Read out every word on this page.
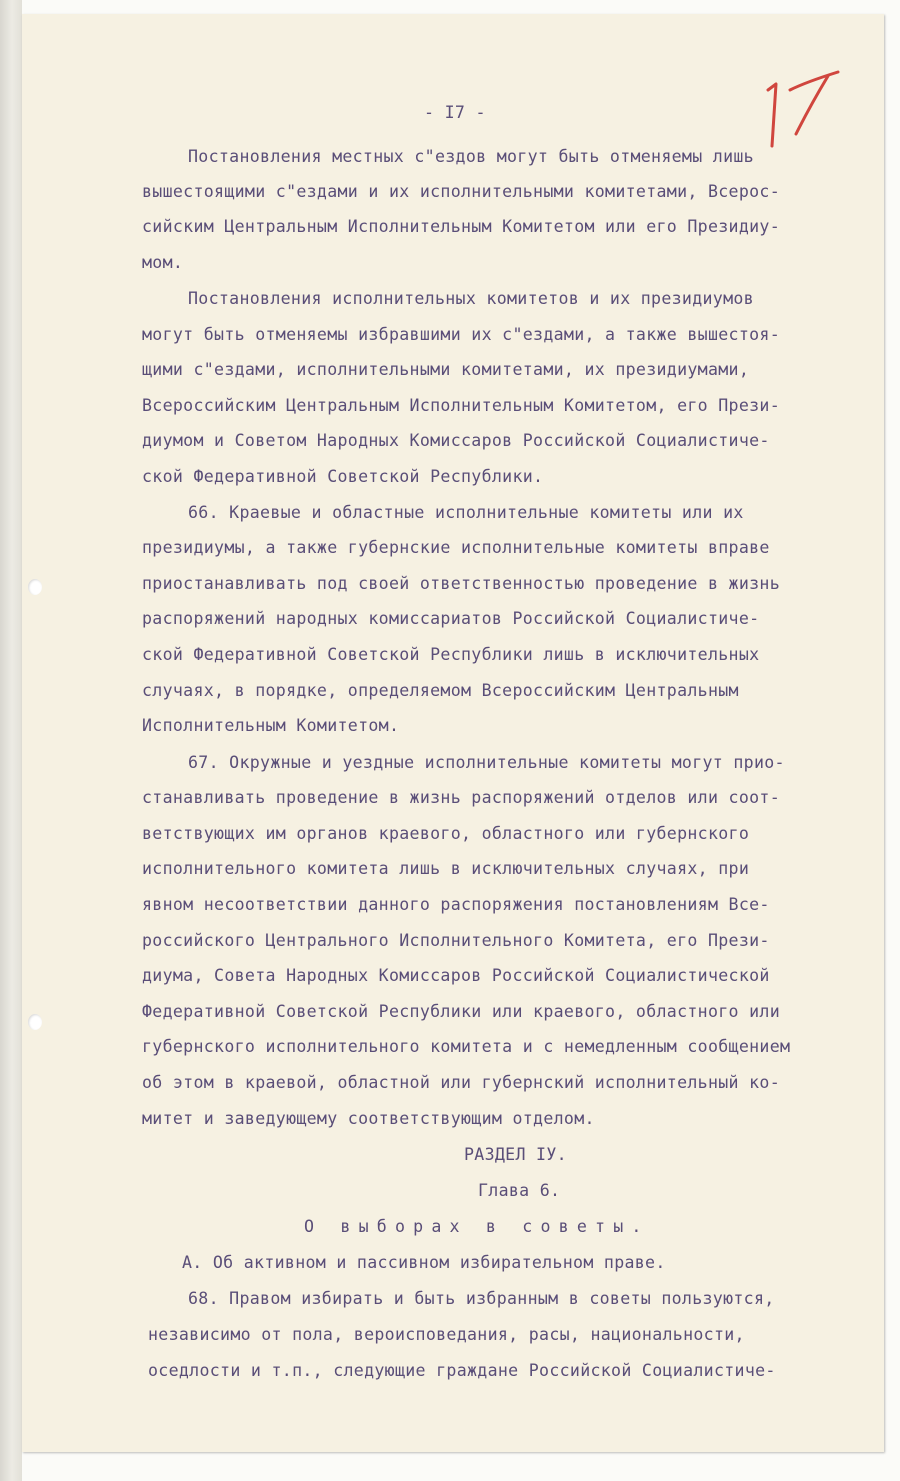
- I7 -
Постановления местных с"ездов могут быть отменяемы лишь
вышестоящими с"ездами и их исполнительными комитетами, Всерос-
сийским Центральным Исполнительным Комитетом или его Президиу-
мом.
Постановления исполнительных комитетов и их президиумов
могут быть отменяемы избравшими их с"ездами, а также вышестоя-
щими с"ездами, исполнительными комитетами, их президиумами,
Всероссийским Центральным Исполнительным Комитетом, его Прези-
диумом и Советом Народных Комиссаров Российской Социалистиче-
ской Федеративной Советской Республики.
66. Краевые и областные исполнительные комитеты или их
президиумы, а также губернские исполнительные комитеты вправе
приостанавливать под своей ответственностью проведение в жизнь
распоряжений народных комиссариатов Российской Социалистиче-
ской Федеративной Советской Республики лишь в исключительных
случаях, в порядке, определяемом Всероссийским Центральным
Исполнительным Комитетом.
67. Окружные и уездные исполнительные комитеты могут прио-
станавливать проведение в жизнь распоряжений отделов или соот-
ветствующих им органов краевого, областного или губернского
исполнительного комитета лишь в исключительных случаях, при
явном несоответствии данного распоряжения постановлениям Все-
российского Центрального Исполнительного Комитета, его Прези-
диума, Совета Народных Комиссаров Российской Социалистической
Федеративной Советской Республики или краевого, областного или
губернского исполнительного комитета и с немедленным сообщением
об этом в краевой, областной или губернский исполнительный ко-
митет и заведующему соответствующим отделом.
РАЗДЕЛ IУ.
Глава 6.
О выборах в советы.
А. Об активном и пассивном избирательном праве.
68. Правом избирать и быть избранным в советы пользуются,
независимо от пола, вероисповедания, расы, национальности,
оседлости и т.п., следующие граждане Российской Социалистиче-
